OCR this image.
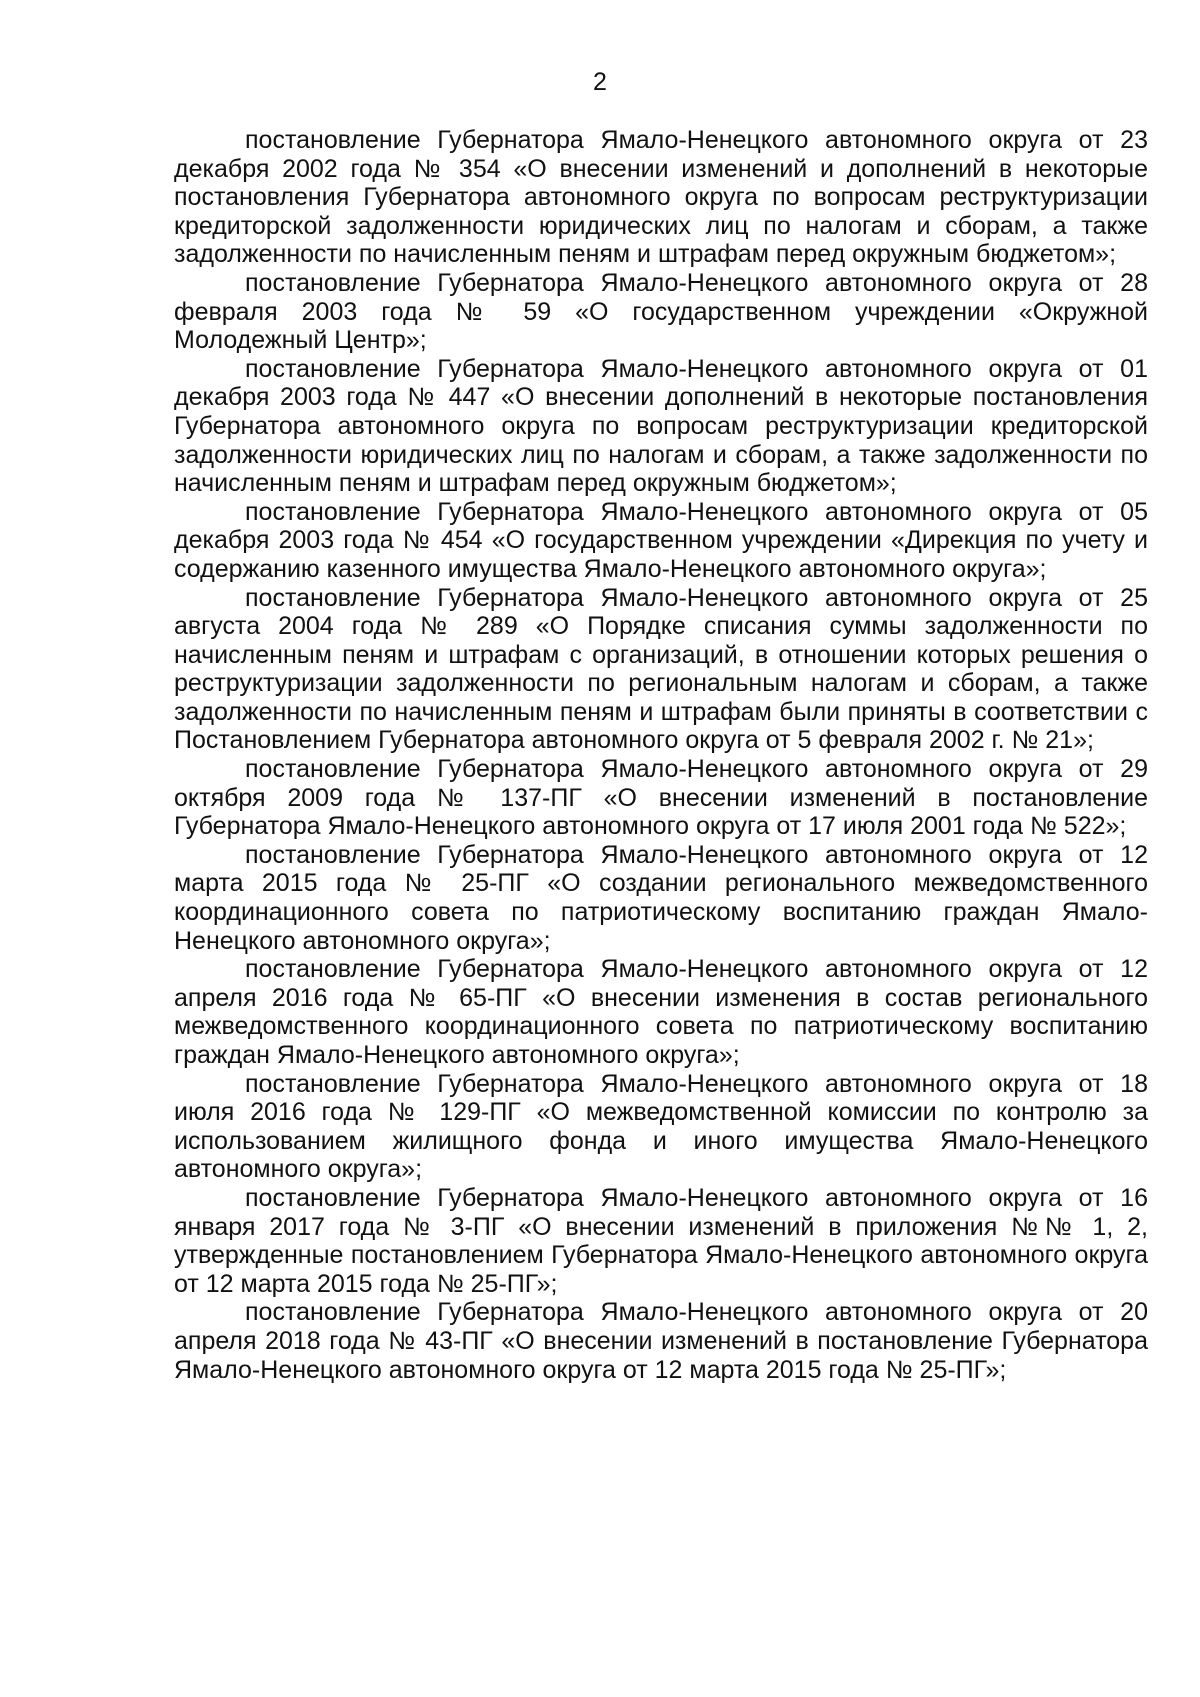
2

постановление Губернатора Ямало-Ненецкого автономного округа от 23 декабря 2002 года № 354 «О внесении изменений и дополнений в некоторые постановления Губернатора автономного округа по вопросам реструктуризации кредиторской задолженности юридических лиц по налогам и сборам, а также задолженности по начисленным пеням и штрафам перед окружным бюджетом»;

постановление Губернатора Ямало-Ненецкого автономного округа от 28 февраля 2003 года № 59 «О государственном учреждении «Окружной Молодежный Центр»;

постановление Губернатора Ямало-Ненецкого автономного округа от 01 декабря 2003 года № 447 «О внесении дополнений в некоторые постановления Губернатора автономного округа по вопросам реструктуризации кредиторской задолженности юридических лиц по налогам и сборам, а также задолженности по начисленным пеням и штрафам перед окружным бюджетом»;

постановление Губернатора Ямало-Ненецкого автономного округа от 05 декабря 2003 года № 454 «О государственном учреждении «Дирекция по учету и содержанию казенного имущества Ямало-Ненецкого автономного округа»;

постановление Губернатора Ямало-Ненецкого автономного округа от 25 августа 2004 года № 289 «О Порядке списания суммы задолженности по начисленным пеням и штрафам с организаций, в отношении которых решения о реструктуризации задолженности по региональным налогам и сборам, а также задолженности по начисленным пеням и штрафам были приняты в соответствии с Постановлением Губернатора автономного округа от 5 февраля 2002 г. № 21»;

постановление Губернатора Ямало-Ненецкого автономного округа от 29 октября 2009 года № 137-ПГ «О внесении изменений в постановление Губернатора Ямало-Ненецкого автономного округа от 17 июля 2001 года № 522»;

постановление Губернатора Ямало-Ненецкого автономного округа от 12 марта 2015 года № 25-ПГ «О создании регионального межведомственного координационного совета по патриотическому воспитанию граждан Ямало-Ненецкого автономного округа»;

постановление Губернатора Ямало-Ненецкого автономного округа от 12 апреля 2016 года № 65-ПГ «О внесении изменения в состав регионального межведомственного координационного совета по патриотическому воспитанию граждан Ямало-Ненецкого автономного округа»;

постановление Губернатора Ямало-Ненецкого автономного округа от 18 июля 2016 года № 129-ПГ «О межведомственной комиссии по контролю за использованием жилищного фонда и иного имущества Ямало-Ненецкого автономного округа»;

постановление Губернатора Ямало-Ненецкого автономного округа от 16 января 2017 года № 3-ПГ «О внесении изменений в приложения №№ 1, 2, утвержденные постановлением Губернатора Ямало-Ненецкого автономного округа от 12 марта 2015 года № 25-ПГ»;

постановление Губернатора Ямало-Ненецкого автономного округа от 20 апреля 2018 года № 43-ПГ «О внесении изменений в постановление Губернатора Ямало-Ненецкого автономного округа от 12 марта 2015 года № 25-ПГ»;
